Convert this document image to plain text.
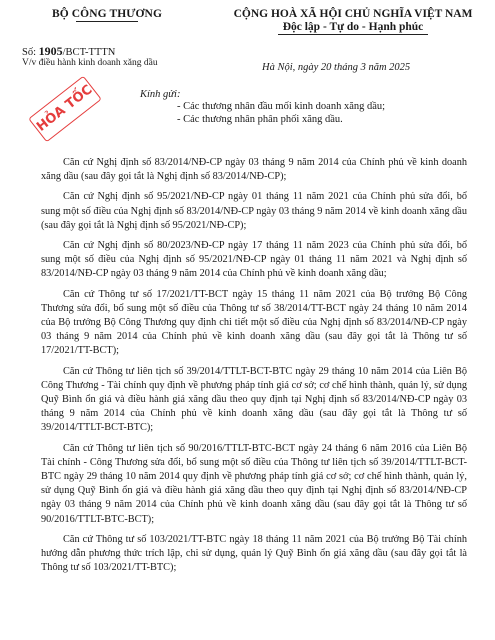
BỘ CÔNG THƯƠNG	CỘNG HOÀ XÃ HỘI CHỦ NGHĨA VIỆT NAM
Độc lập - Tự do - Hạnh phúc
Số: 1905/BCT-TTTN
V/v điều hành kinh doanh xăng dầu	Hà Nội, ngày 20 tháng 3 năm 2025
HỎA TỐC	Kính gửi:
- Các thương nhân đầu mối kinh doanh xăng dầu;
- Các thương nhân phân phối xăng dầu.

Căn cứ Nghị định số 83/2014/NĐ-CP ngày 03 tháng 9 năm 2014 của Chính phủ về kinh doanh xăng dầu (sau đây gọi tắt là Nghị định số 83/2014/NĐ-CP);

Căn cứ Nghị định số 95/2021/NĐ-CP ngày 01 tháng 11 năm 2021 của Chính phủ sửa đổi, bổ sung một số điều của Nghị định số 83/2014/NĐ-CP ngày 03 tháng 9 năm 2014 về kinh doanh xăng dầu (sau đây gọi tắt là Nghị định số 95/2021/NĐ-CP);

Căn cứ Nghị định số 80/2023/NĐ-CP ngày 17 tháng 11 năm 2023 của Chính phủ sửa đổi, bổ sung một số điều của Nghị định số 95/2021/NĐ-CP ngày 01 tháng 11 năm 2021 và Nghị định số 83/2014/NĐ-CP ngày 03 tháng 9 năm 2014 của Chính phủ về kinh doanh xăng dầu;

Căn cứ Thông tư số 17/2021/TT-BCT ngày 15 tháng 11 năm 2021 của Bộ trưởng Bộ Công Thương sửa đổi, bổ sung một số điều của Thông tư số 38/2014/TT-BCT ngày 24 tháng 10 năm 2014 của Bộ trưởng Bộ Công Thương quy định chi tiết một số điều của Nghị định số 83/2014/NĐ-CP ngày 03 tháng 9 năm 2014 của Chính phủ về kinh doanh xăng dầu (sau đây gọi tắt là Thông tư số 17/2021/TT-BCT);

Căn cứ Thông tư liên tịch số 39/2014/TTLT-BCT-BTC ngày 29 tháng 10 năm 2014 của Liên Bộ Công Thương - Tài chính quy định về phương pháp tính giá cơ sở; cơ chế hình thành, quản lý, sử dụng Quỹ Bình ổn giá và điều hành giá xăng dầu theo quy định tại Nghị định số 83/2014/NĐ-CP ngày 03 tháng 9 năm 2014 của Chính phủ về kinh doanh xăng dầu (sau đây gọi tắt là Thông tư số 39/2014/TTLT-BCT-BTC);

Căn cứ Thông tư liên tịch số 90/2016/TTLT-BTC-BCT ngày 24 tháng 6 năm 2016 của Liên Bộ Tài chính - Công Thương sửa đổi, bổ sung một số điều của Thông tư liên tịch số 39/2014/TTLT-BCT-BTC ngày 29 tháng 10 năm 2014 quy định về phương pháp tính giá cơ sở; cơ chế hình thành, quản lý, sử dụng Quỹ Bình ổn giá và điều hành giá xăng dầu theo quy định tại Nghị định số 83/2014/NĐ-CP ngày 03 tháng 9 năm 2014 của Chính phủ về kinh doanh xăng dầu (sau đây gọi tắt là Thông tư số 90/2016/TTLT-BTC-BCT);

Căn cứ Thông tư số 103/2021/TT-BTC ngày 18 tháng 11 năm 2021 của Bộ trưởng Bộ Tài chính hướng dẫn phương thức trích lập, chi sử dụng, quản lý Quỹ Bình ổn giá xăng dầu (sau đây gọi tắt là Thông tư số 103/2021/TT-BTC);
